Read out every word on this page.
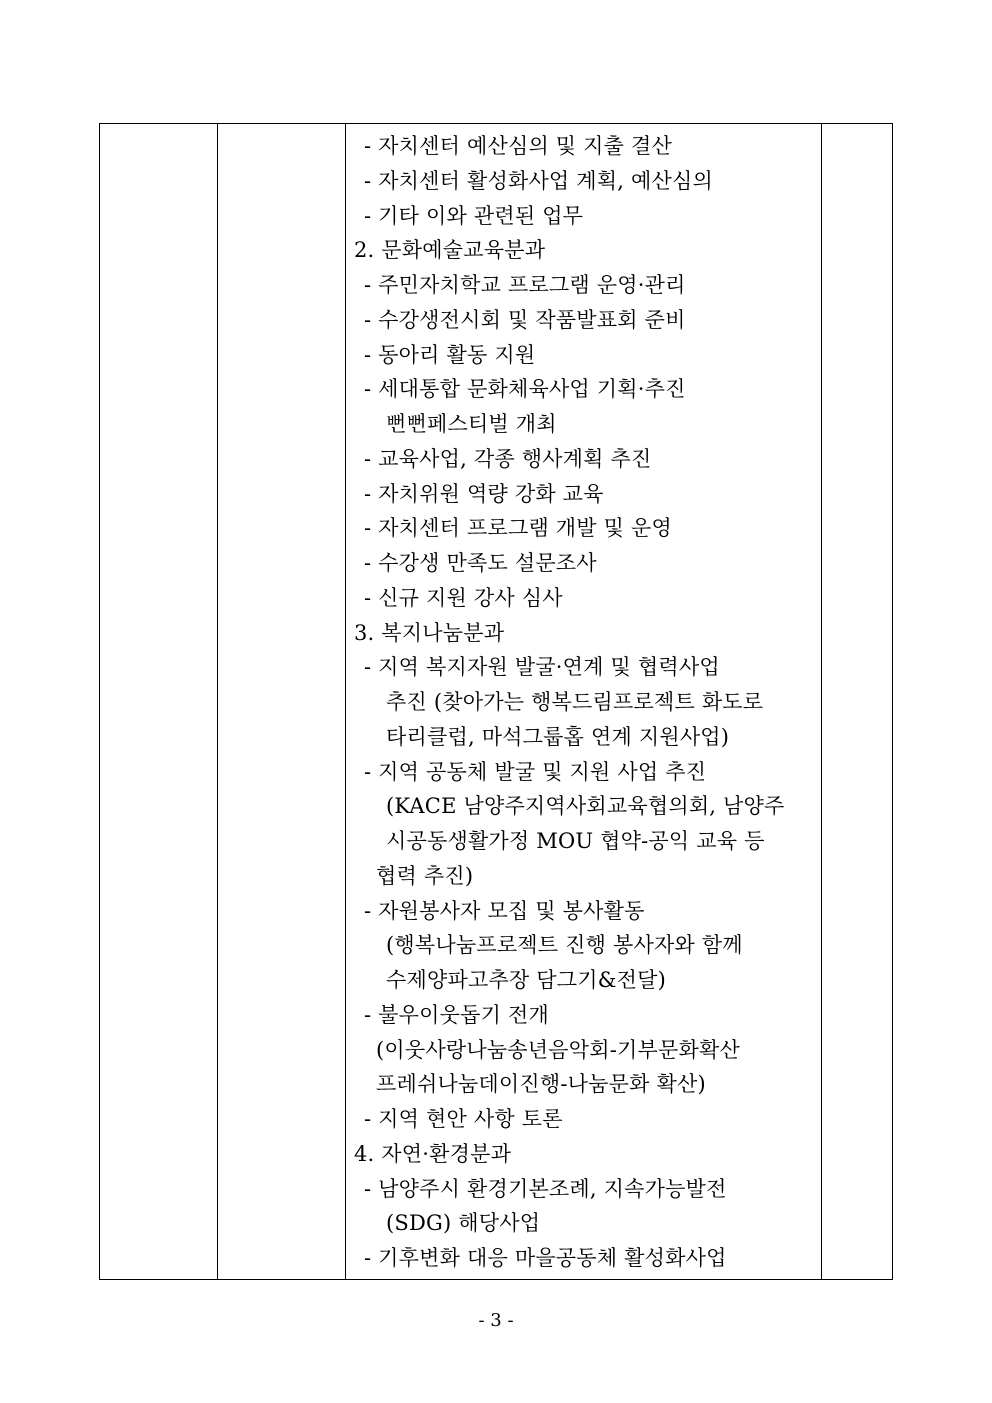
- 자치센터 예산심의 및 지출 결산
- 자치센터 활성화사업 계획, 예산심의
- 기타 이와 관련된 업무
2. 문화예술교육분과
- 주민자치학교 프로그램 운영·관리
- 수강생전시회 및 작품발표회 준비
- 동아리 활동 지원
- 세대통합 문화체육사업 기획·추진
뻔뻔페스티벌 개최
- 교육사업, 각종 행사계획 추진
- 자치위원 역량 강화 교육
- 자치센터 프로그램 개발 및 운영
- 수강생 만족도 설문조사
- 신규 지원 강사 심사
3. 복지나눔분과
- 지역 복지자원 발굴·연계 및 협력사업
추진 (찾아가는 행복드림프로젝트 화도로
타리클럽, 마석그룹홉 연계 지원사업)
- 지역 공동체 발굴 및 지원 사업 추진
(KACE 남양주지역사회교육협의회, 남양주
시공동생활가정 MOU 협약-공익 교육 등
협력 추진)
- 자원봉사자 모집 및 봉사활동
(행복나눔프로젝트 진행 봉사자와 함께
수제양파고추장 담그기&전달)
- 불우이웃돕기 전개
(이웃사랑나눔송년음악회-기부문화확산
프레쉬나눔데이진행-나눔문화 확산)
- 지역 현안 사항 토론
4. 자연·환경분과
- 남양주시 환경기본조례, 지속가능발전
(SDG) 해당사업
- 기후변화 대응 마을공동체 활성화사업
- 3 -
